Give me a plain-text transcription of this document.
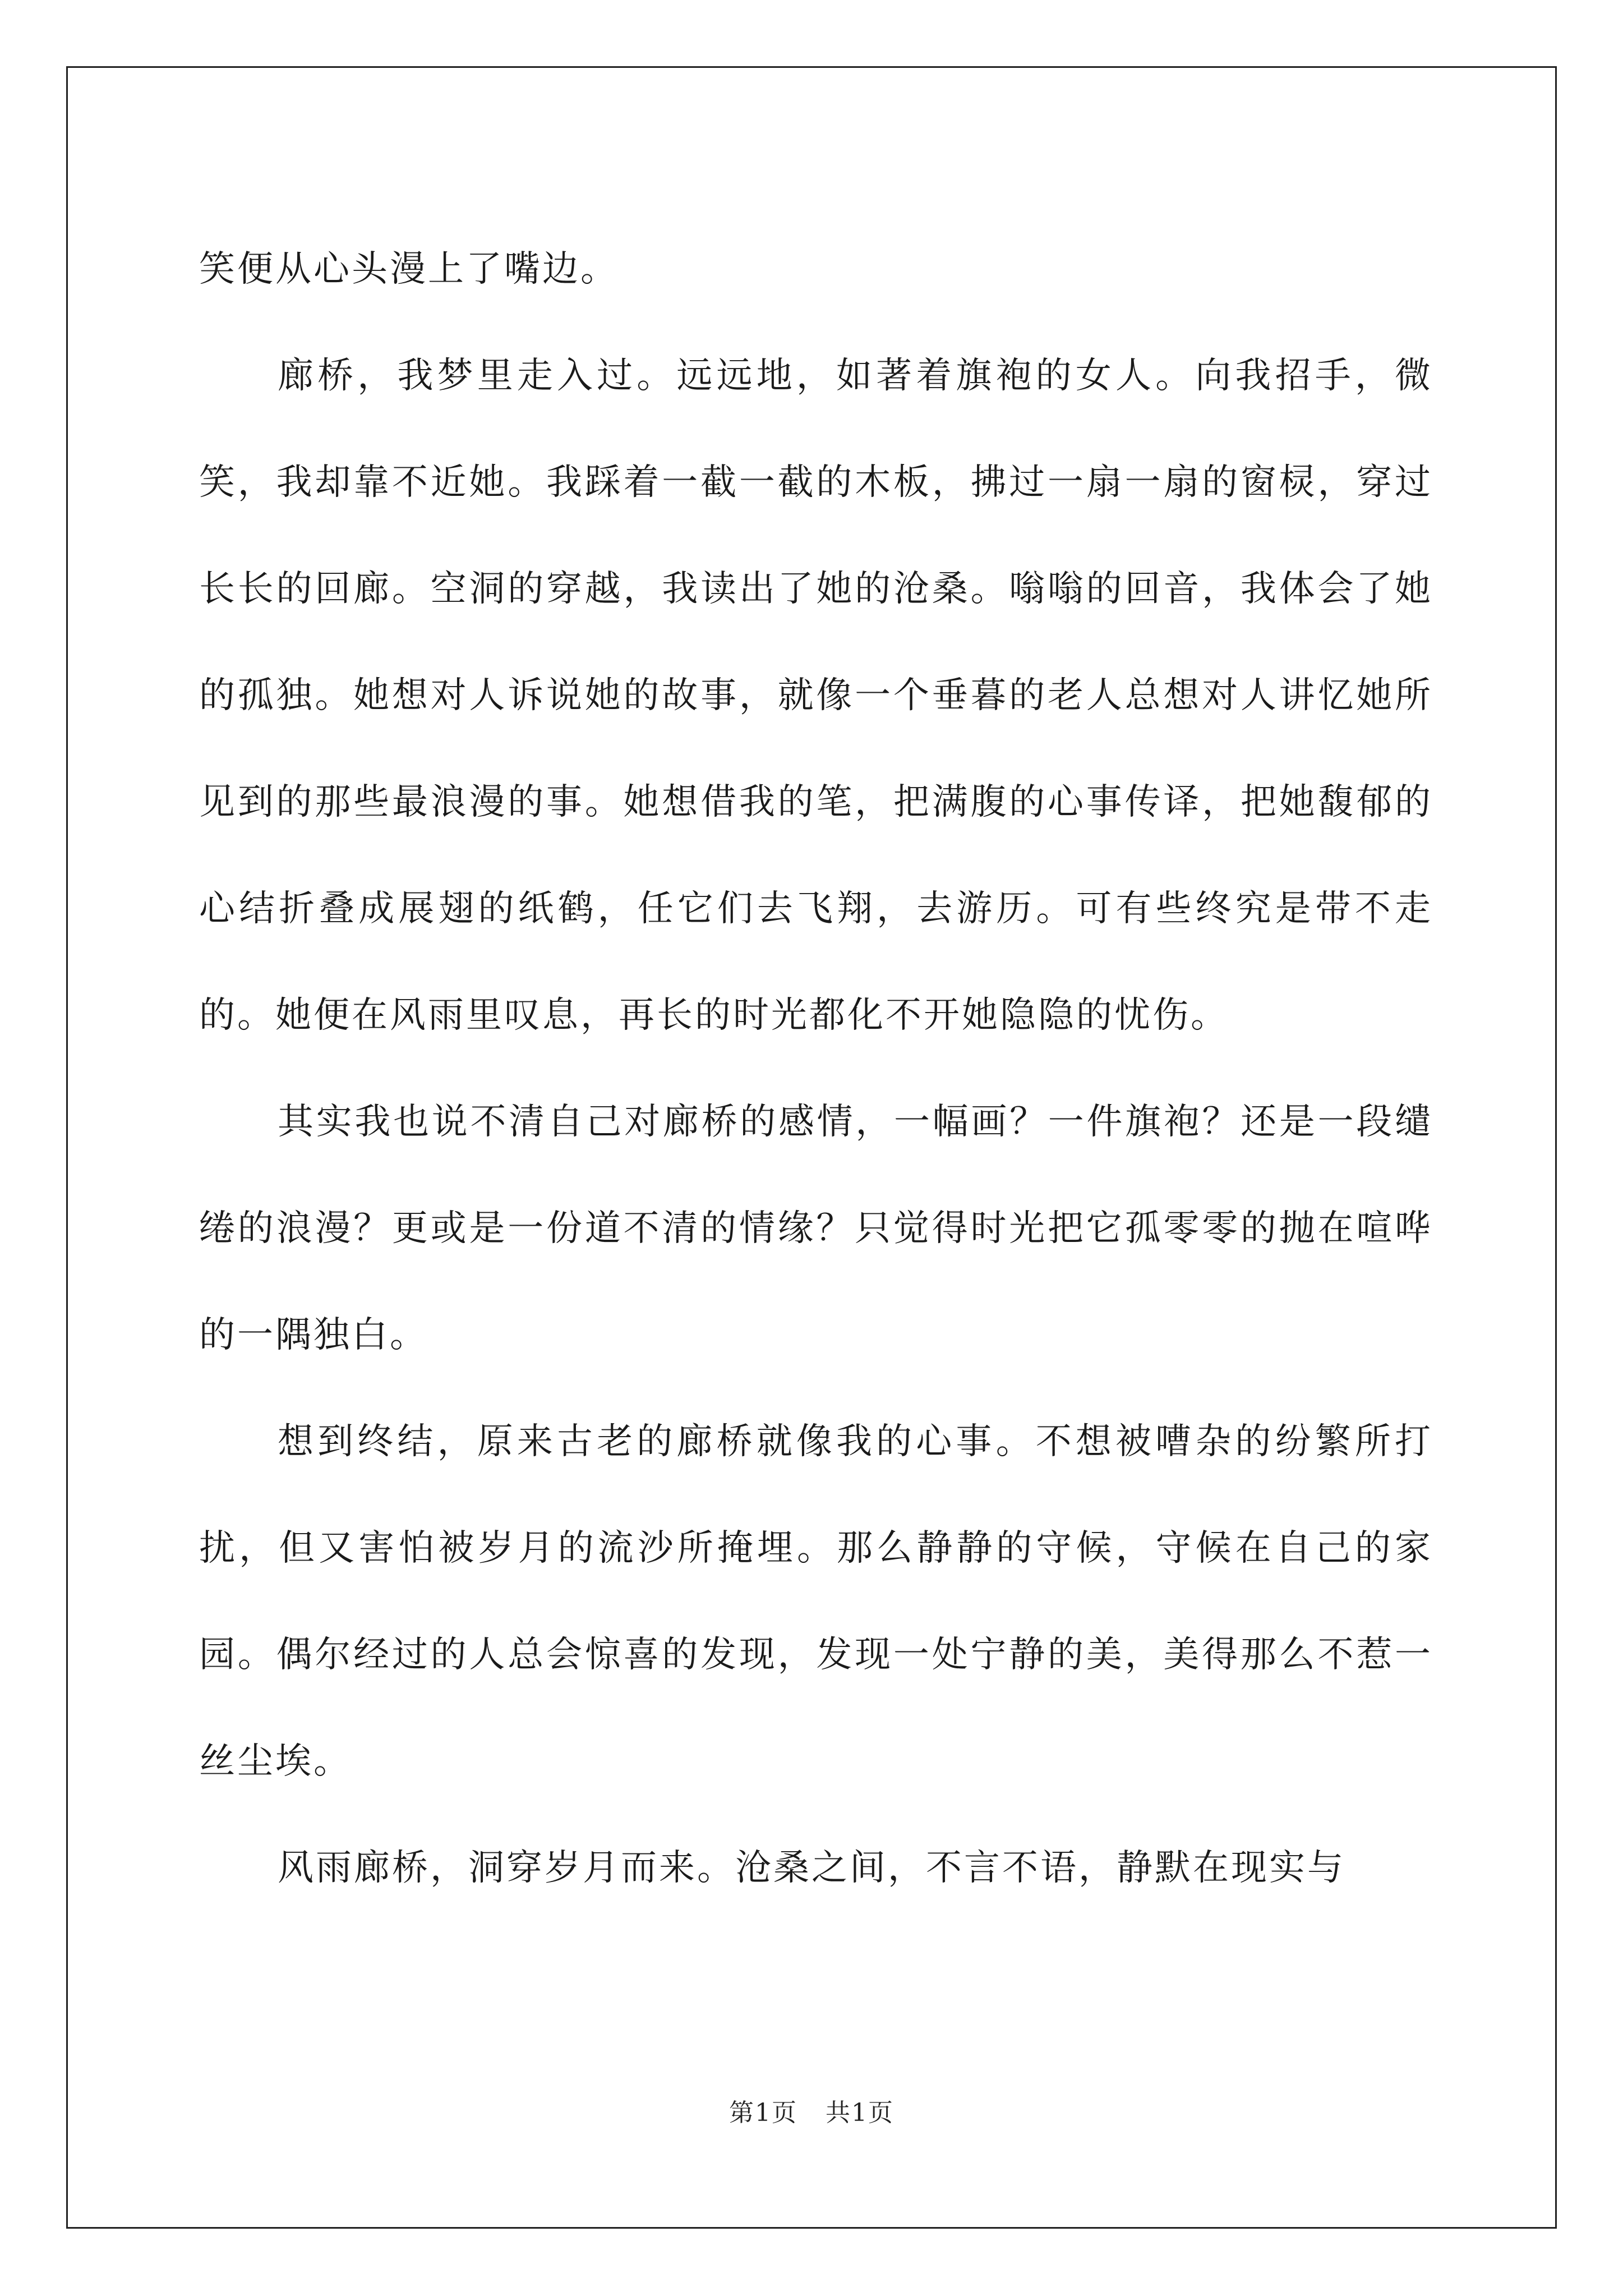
笑便从心头漫上了嘴边。

廊桥，我梦里走入过。远远地，如著着旗袍的女人。向我招手，微笑，我却靠不近她。我踩着一截一截的木板，拂过一扇一扇的窗棂，穿过长长的回廊。空洞的穿越，我读出了她的沧桑。嗡嗡的回音，我体会了她的孤独。她想对人诉说她的故事，就像一个垂暮的老人总想对人讲忆她所见到的那些最浪漫的事。她想借我的笔，把满腹的心事传译，把她馥郁的心结折叠成展翅的纸鹤，任它们去飞翔，去游历。可有些终究是带不走的。她便在风雨里叹息，再长的时光都化不开她隐隐的忧伤。

其实我也说不清自己对廊桥的感情，一幅画？一件旗袍？还是一段缱绻的浪漫？更或是一份道不清的情缘？只觉得时光把它孤零零的抛在喧哗的一隅独白。

想到终结，原来古老的廊桥就像我的心事。不想被嘈杂的纷繁所打扰，但又害怕被岁月的流沙所掩埋。那么静静的守候，守候在自己的家园。偶尔经过的人总会惊喜的发现，发现一处宁静的美，美得那么不惹一丝尘埃。

风雨廊桥，洞穿岁月而来。沧桑之间，不言不语，静默在现实与

第1页 共1页
